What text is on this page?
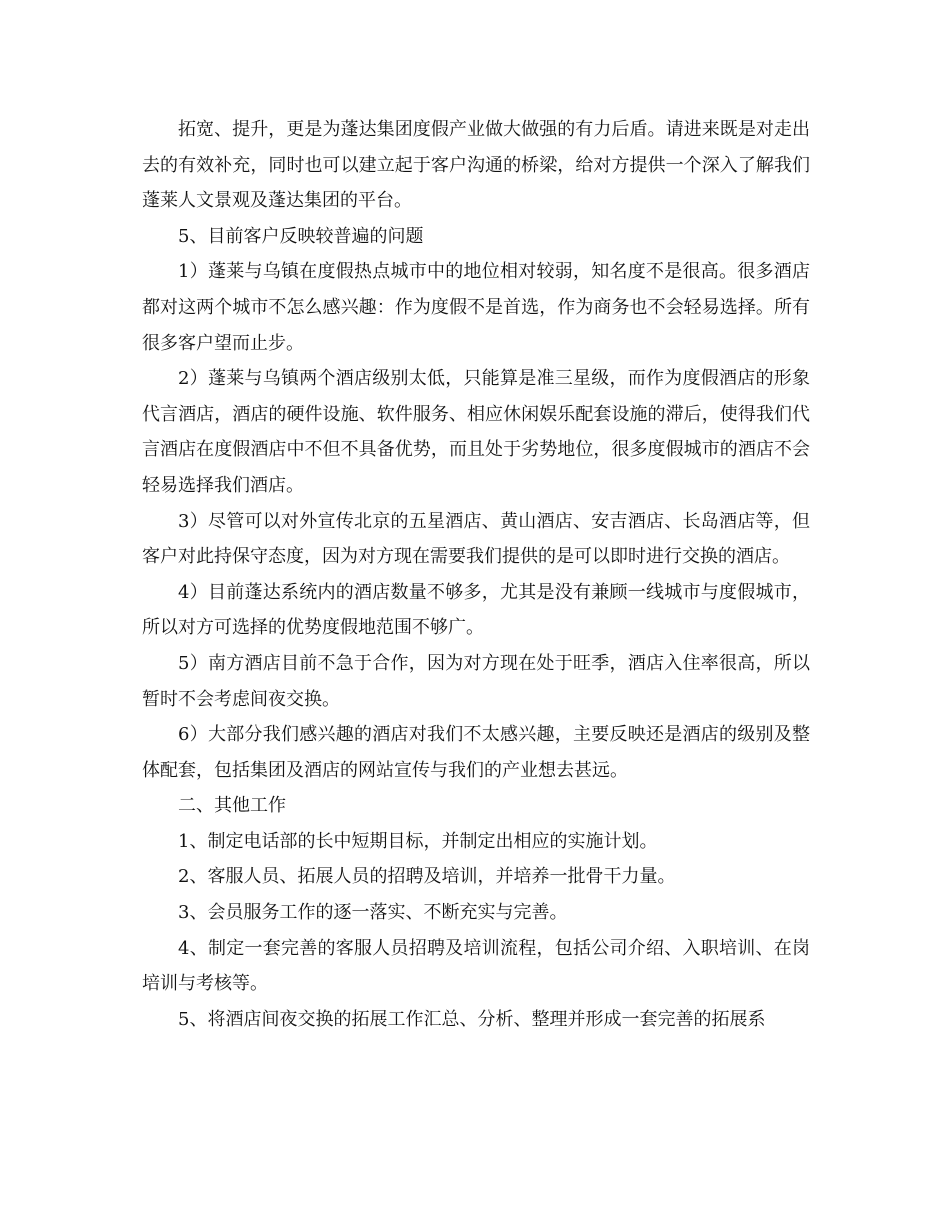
拓宽、提升，更是为蓬达集团度假产业做大做强的有力后盾。请进来既是对走出去的有效补充，同时也可以建立起于客户沟通的桥梁，给对方提供一个深入了解我们蓬莱人文景观及蓬达集团的平台。

5、目前客户反映较普遍的问题

1）蓬莱与乌镇在度假热点城市中的地位相对较弱，知名度不是很高。很多酒店都对这两个城市不怎么感兴趣：作为度假不是首选，作为商务也不会轻易选择。所有很多客户望而止步。

2）蓬莱与乌镇两个酒店级别太低，只能算是准三星级，而作为度假酒店的形象代言酒店，酒店的硬件设施、软件服务、相应休闲娱乐配套设施的滞后，使得我们代言酒店在度假酒店中不但不具备优势，而且处于劣势地位，很多度假城市的酒店不会轻易选择我们酒店。

3）尽管可以对外宣传北京的五星酒店、黄山酒店、安吉酒店、长岛酒店等，但客户对此持保守态度，因为对方现在需要我们提供的是可以即时进行交换的酒店。

4）目前蓬达系统内的酒店数量不够多，尤其是没有兼顾一线城市与度假城市，所以对方可选择的优势度假地范围不够广。

5）南方酒店目前不急于合作，因为对方现在处于旺季，酒店入住率很高，所以暂时不会考虑间夜交换。

6）大部分我们感兴趣的酒店对我们不太感兴趣，主要反映还是酒店的级别及整体配套，包括集团及酒店的网站宣传与我们的产业想去甚远。

二、其他工作

1、制定电话部的长中短期目标，并制定出相应的实施计划。

2、客服人员、拓展人员的招聘及培训，并培养一批骨干力量。

3、会员服务工作的逐一落实、不断充实与完善。

4、制定一套完善的客服人员招聘及培训流程，包括公司介绍、入职培训、在岗培训与考核等。

5、将酒店间夜交换的拓展工作汇总、分析、整理并形成一套完善的拓展系
